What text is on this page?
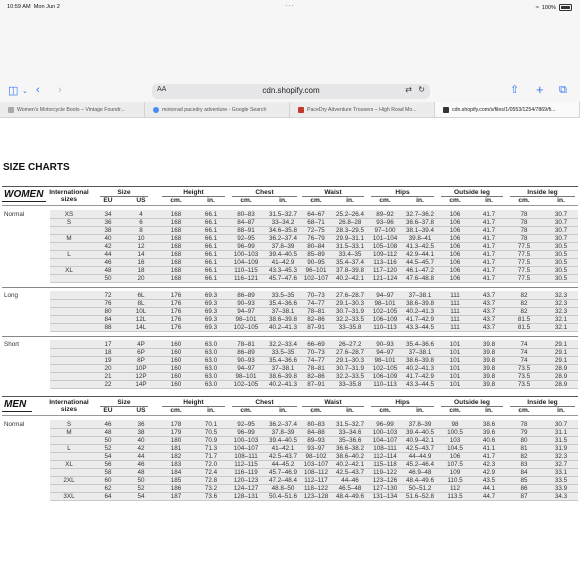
10:59 AM Mon Jun 2	···	≈ 100%
◫ ⌄ ‹ ›	AA	cdn.shopify.com	⇄ ↻	⇧ + ⧉
Women's Motorcycle Boots – Vintage Foundr...	motorrad pacedry adventure - Google Search	PaceDry Adventure Trousers – High Road Mo...	cdn.shopify.com/s/files/1/0553/1254/7869/fi...
SIZE CHARTS
WOMEN International sizes
Size
EU	US
Height
cm.	in.
Chest
cm.	in.
Waist
cm.	in.
Hips
cm.	in.
Outside leg
cm.	in.
Inside leg
cm.	in.
Normal	XS	34	4	168	66.1	80–83 31.5–32.7 64–67 25.2–26.4 89–92 32.7–36.2 106	41.7	78	30.7
S	36	6	168	66.1	84–87	33–34.2 68–71 26.8–28 93–96 36.6–37.8 106	41.7	78	30.7
38	8	168	66.1	88–91 34.6–35.8 72–75 28.3–29.5 97–100 38.1–39.4 106	41.7	78	30.7
M	40	10	168	66.1	92–95 36.2–37.4 76–79 29.9–31.1 101–104 39.8–41	106	41.7	78	30.7
42	12	168	66.1	96–99	37.8–39 80–84 31.5–33.1 105–108 41.3–42.5 106	41.7	77.5	30.5
L	44	14	168	66.1	100–103 39.4–40.5 85–89 33.4–35 109–112 42.9–44.1 106	41.7	77.5	30.5
46	16	168	66.1	104–109 41–42.9 90–95 35.4–37.4 113–116 44.5–45.7 106	41.7	77.5	30.5
XL	48	18	168	66.1	110–115 43.3–45.3 96–101 37.8–39.8 117–120 46.1–47.2 106	41.7	77.5	30.5
50	20	168	66.1	116–121 45.7–47.6 102–107 40.2–42.1 121–124 47.6–48.8 106	41.7	77.5	30.5
Long	72	6L	176	69.3	86–89	33.5–35 70–73 27.6–28.7 94–97 37–38.1	111	43.7	82	32.3
76	8L	176	69.3	90–93 35.4–36.6 74–77 29.1–30.3 98–101 38.6–39.8	111	43.7	82	32.3
80	10L	176	69.3	94–97	37–38.1 78–81 30.7–31.9 102–105 40.2–41.3	111	43.7	82	32.3
84	12L	176	69.3	98–101 38.6–39.8 82–86 32.2–33.5 106–109 41.7–42.9	111	43.7	81.5	32.1
88	14L	176	69.3	102–105 40.2–41.3 87–91 33–35.8 110–113 43.3–44.5	111	43.7	81.5	32.1
Short	17	4P	160	63.0	78–81 32.2–33.4 66–69 26–27.2 90–93 35.4–36.6 101	39.8	74	29.1
18	6P	160	63.0	86–89	33.5–35 70–73 27.6–28.7 94–97 37–38.1	101	39.8	74	29.1
19	8P	160	63.0	90–93 35.4–36.6 74–77 29.1–30.3 98–101 38.6–39.8 101	39.8	74	29.1
20	10P	160	63.0	94–97	37–38.1 78–81 30.7–31.9 102–105 40.2–41.3 101	39.8	73.5	28.9
21	12P	160	63.0	98–101 38.6–39.8 82–86 32.2–33.5 106–109 41.7–42.9 101	39.8	73.5	28.9
22	14P	160	63.0	102–105 40.2–41.3 87–91 33–35.8 110–113 43.3–44.5 101	39.8	73.5	28.9
MEN	International sizes
Size
EU	US
Height
cm.	in.
Chest
cm.	in.
Waist
cm.	in.
Hips
cm.	in.
Outside leg
cm.	in.
Inside leg
cm.	in.
Normal	S	46	36	178	70.1	92–95 36.2–37.4 80–83 31.5–32.7 96–99 37.8–39	98	38.6	78	30.7
M	48	38	179	70.5	96–99	37.8–39 84–88 33–34.6 100–103 39.4–40.5 100.5	39.6	79	31.1
50	40	180	70.9	100–103 39.4–40.5 89–93 35–36.6 104–107 40.9–42.1 103	40.6	80	31.5
L	52	42	181	71.3	104–107 41–42.1 93–97 36.6–38.2 108–111 42.5–43.7 104.5	41.1	81	31.9
54	44	182	71.7	108–111 42.5–43.7 98–102 38.6–40.2 112–114 44–44.9	106	41.7	82	32.3
XL	56	46	183	72.0	112–115 44–45.2 103–107 40.2–42.1 115–118 45.2–46.4 107.5	42.3	83	32.7
58	48	184	72.4	116–119 45.7–46.9 108–112 42.5–43.7 119–122 46.9–48	109	42.9	84	33.1
2XL	60	50	185	72.8	120–123 47.2–48.4 112–117 44–46 123–126 48.4–49.6 110.5	43.5	85	33.5
62	52	186	73.2	124–127 48.8–50 118–122 46.5–48 127–130 50–51.2	112	44.1	86	33.9
3XL	64	54	187	73.6	128–131 50.4–51.6 123–128 48.4–49.6 131–134 51.6–52.8 113.5	44.7	87	34.3
